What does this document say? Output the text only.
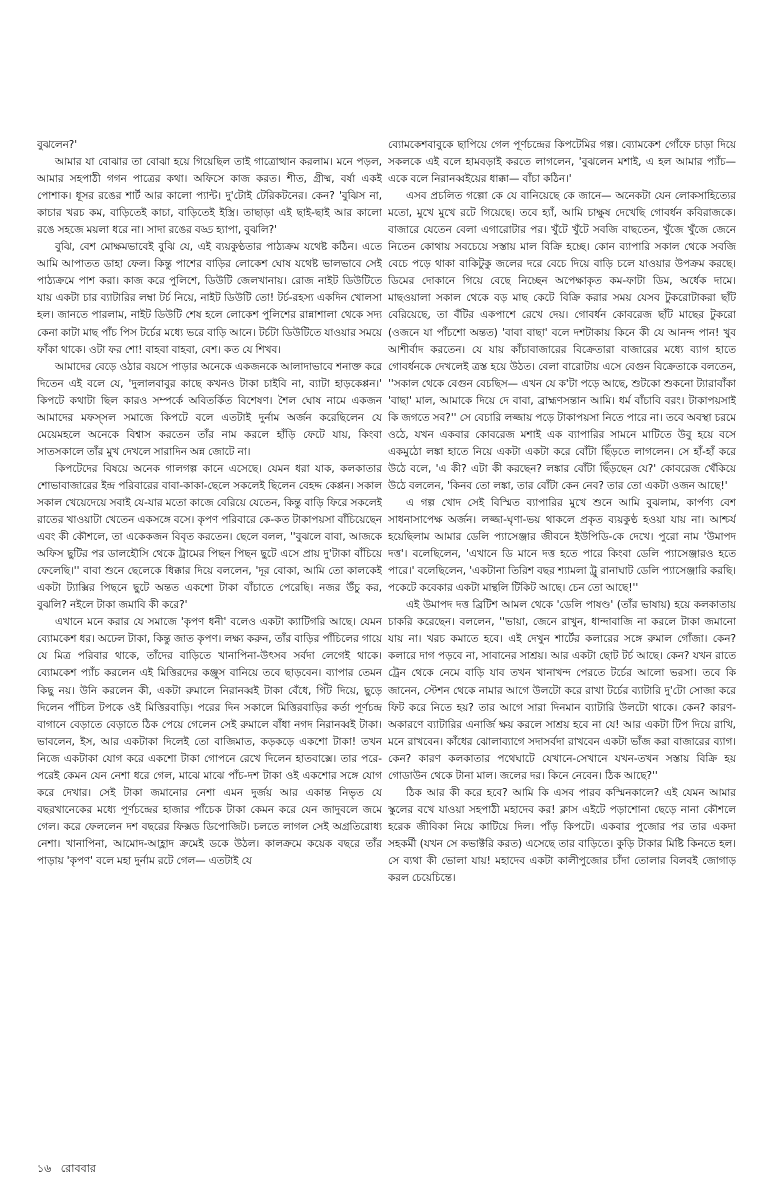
বুঝলেন?'

আমার যা বোঝার তা বোঝা হয়ে গিয়েছিল তাই গাত্রোত্থান করলাম। মনে পড়ল, আমার সহপাঠী গগন পাত্রের কথা। অফিসে কাজ করত। শীত, গ্রীষ্ম, বর্ষা একই পোশাক। ধূসর রঙের শার্ট আর কালো প্যান্ট। দু'টোই টেরিকটনের। কেন? 'বুঝিস না, কাচার খরচ কম, বাড়িতেই কাচা, বাড়িতেই ইস্ত্রি। তাছাড়া এই ছাই-ছাই আর কালো রঙে সহজে ময়লা ধরে না। সাদা রঙের বড্ড হ্যাপা, বুঝলি?'

বুঝি, বেশ মোক্ষমভাবেই বুঝি যে, এই ব্যয়কুণ্ঠতার পাঠ্যক্রম যথেষ্ট কঠিন। এতে আমি আপাতত ডাহা ফেল। কিন্তু পাশের বাড়ির লোকেশ ঘোষ যথেষ্ট ভালভাবে সেই পাঠ্যক্রমে পাশ করা। কাজ করে পুলিশে, ডিউটি জেলখানায়। রোজ নাইট ডিউটিতে যায় একটা চার ব্যাটারির লম্বা টর্চ নিয়ে, নাইট ডিউটি তো! টর্চ-রহস্য একদিন খোলসা হল। জানতে পারলাম, নাইট ডিউটি শেষ হলে লোকেশ পুলিশের রান্নাশালা থেকে সদ্য কেনা কাটা মাছ পাঁচ পিস টর্চের মধ্যে ভরে বাড়ি আনে। টর্চটা ডিউটিতে যাওয়ার সময়ে ফাঁকা থাকে। ওটা ফর শো! বাহবা বাহবা, বেশ। কত যে শিখব।

আমাদের বেড়ে ওঠার বয়সে পাড়ার অনেকে একজনকে আলাদাভাবে শনাক্ত করে দিতেন এই বলে যে, 'দুলালবাবুর কাছে কখনও টাকা চাইবি না, ব্যাটা হাড়কেপ্পন।' কিপটে কথাটা ছিল কারও সম্পর্কে অবিতর্কিত বিশেষণ। শৈল ঘোষ নামে একজন আমাদের মফস্সল সমাজে কিপটে বলে এতটাই দুর্নাম অর্জন করেছিলেন যে মেয়েমহলে অনেকে বিশ্বাস করতেন তাঁর নাম করলে হাঁড়ি ফেটে যায়, কিংবা সাতসকালে তাঁর মুখ দেখলে সারাদিন অন্ন জোটে না।

কিপটেদের বিষয়ে অনেক গালগল্প কানে এসেছে। যেমন ধরা যাক, কলকাতার শোভাবাজারের ইন্দ্র পরিবারের বাবা-কাকা-ছেলে সকলেই ছিলেন বেহদ্দ কেপ্পন। সকাল সকাল খেয়েদেয়ে সবাই যে-যার মতো কাজে বেরিয়ে যেতেন, কিন্তু বাড়ি ফিরে সকলেই রাতের খাওয়াটা খেতেন একসঙ্গে বসে। কৃপণ পরিবারে কে-কত টাকাপয়সা বাঁচিয়েছেন এবং কী কৌশলে, তা একেকজন বিবৃত করতেন। ছেলে বলল, ''বুঝলে বাবা, আজকে অফিস ছুটির পর ডালহৌসি থেকে ট্রামের পিছন পিছন ছুটে এসে প্রায় দু'টাকা বাঁচিয়ে ফেলেছি।'' বাবা শুনে ছেলেকে ধিক্কার দিয়ে বললেন, 'দূর বোকা, আমি তো কালকেই একটা ট্যাক্সির পিছনে ছুটে অন্তত একশো টাকা বাঁচাতে পেরেছি। নজর উঁচু কর, বুঝলি? নইলে টাকা জমাবি কী করে?'

এখানে মনে করার যে সমাজে 'কৃপণ ধনী' বলেও একটা ক্যাটিগরি আছে। যেমন ব্যোমকেশ ধর। অঢেল টাকা, কিন্তু জাত কৃপণ। লক্ষ্য করুন, তাঁর বাড়ির পাঁচিলের গায়ে যে মিত্র পরিবার থাকে, তাঁদের বাড়িতে খানাপিনা-উৎসব সর্বদা লেগেই থাকে। ব্যোমকেশ প্যাঁচ করলেন এই মিত্তিরদের কঞ্জুস বানিয়ে তবে ছাড়বেন। ব্যাপার তেমন কিছু নয়। উনি করলেন কী, একটা রুমালে নিরানব্বই টাকা বেঁধে, গিঁট দিয়ে, ছুড়ে দিলেন পাঁচিল টপকে ওই মিত্তিরবাড়ি। পরের দিন সকালে মিত্তিরবাড়ির কর্তা পূর্ণচন্দ্র বাগানে বেড়াতে বেড়াতে ঠিক পেয়ে গেলেন সেই রুমালে বাঁধা নগদ নিরানব্বই টাকা। ভাবলেন, ইস, আর একটাকা দিলেই তো বাজিমাত, কড়কড়ে একশো টাকা! তখন নিজে একটাকা যোগ করে একশো টাকা গোপনে রেখে দিলেন হাতবাক্সে। তার পরে-পরেই কেমন যেন নেশা ধরে গেল, মাঝে মাঝে পাঁচ-দশ টাকা ওই একশোর সঙ্গে যোগ করে দেখার। সেই টাকা জমানোর নেশা এমন দুর্জয় আর একান্ত নিভৃত যে বছরখানেকের মধ্যে পূর্ণচন্দ্রের হাজার পাঁচেক টাকা কেমন করে যেন জাদুবলে জমে গেল। করে ফেললেন দশ বছরের ফিক্সড ডিপোজিট। চলতে লাগল সেই অগ্রতিরোধ্য নেশা। খানাপিনা, আমোদ-আহ্লাদ ক্রমেই ডকে উঠল। কালক্রমে কয়েক বছরে তাঁর পাড়ায় 'কৃপণ' বলে মহা দুর্নাম রটে গেল— এতটাই যে

ব্যোমকেশবাবুকে ছাপিয়ে গেল পূর্ণচন্দ্রের কিপটেমির গল্প। ব্যোমকেশ গোঁফে চাড়া দিয়ে সকলকে এই বলে হামবড়াই করতে লাগলেন, 'বুঝলেন মশাই, এ হল আমার প্যাঁচ— একে বলে নিরানব্বইয়ের ধাক্কা— বাঁচা কঠিন।'

এসব প্রচলিত গল্পো কে যে বানিয়েছে কে জানে— অনেকটা যেন লোকসাহিত্যের মতো, মুখে মুখে রটে গিয়েছে। তবে হ্যাঁ, আমি চাক্ষুষ দেখেছি গোবর্ধন কবিরাজকে। বাজারে যেতেন বেলা এগারোটার পর। খুঁটে খুঁটে সবজি বাছতেন, খুঁজে খুঁজে জেনে নিতেন কোথায় সবচেয়ে সস্তায় মাল বিক্রি হচ্ছে। কোন ব্যাপারি সকাল থেকে সবজি বেচে পড়ে থাকা বাকিটুকু জলের দরে বেচে দিয়ে বাড়ি চলে যাওয়ার উপক্রম করছে। ডিমের দোকানে গিয়ে বেছে নিচ্ছেন অপেক্ষাকৃত কম-ফাটা ডিম, অর্ধেক দামে। মাছওয়ালা সকাল থেকে বড় মাছ কেটে বিক্রি করার সময় যেসব টুকরোটাকরা ছাঁট বেরিয়েছে, তা বঁটির একপাশে রেখে দেয়। গোবর্ধন কোবরেজ ছাঁট মাছের টুকরো (ওজনে যা পাঁচশো অন্তত) 'বাবা বাছা' বলে দশটাকায় কিনে কী যে আনন্দ পান! খুব আশীর্বাদ করতেন। যে যায় কাঁচাবাজারের বিক্রেতারা বাজারের মধ্যে ব্যাগ হাতে গোবর্ধনকে দেখলেই ত্রস্ত হয়ে উঠত। বেলা বারোটায় এসে বেগুন বিক্রেতাকে বলতেন, ''সকাল থেকে বেগুন বেচছিস— এখন যে ক'টা পড়ে আছে, শুটকো শুকনো ট্যারাবাঁকা 'বাছা' মাল, আমাকে দিয়ে দে বাবা, ব্রাহ্মণসন্তান আমি। ধর্ম বাঁচাবি বরং। টাকাপয়সাই কি জগতে সব?'' সে বেচারি লজ্জায় পড়ে টাকাপয়সা নিতে পারে না। তবে অবস্থা চরমে ওঠে, যখন একবার কোবরেজ মশাই এক ব্যাপারির সামনে মাটিতে উবু হয়ে বসে একমুঠো লঙ্কা হাতে নিয়ে একটা একটা করে বোঁটা ছিঁড়তে লাগলেন। সে হাঁ-হাঁ করে উঠে বলে, 'এ কী? এটা কী করছেন? লঙ্কার বোঁটা ছিঁড়ছেন যে?' কোবরেজ খেঁকিয়ে উঠে বললেন, 'কিনব তো লঙ্কা, তার বোঁটা কেন নেব? তার তো একটা ওজন আছে!'

এ গল্প খোদ সেই বিস্মিত ব্যাপারির মুখে শুনে আমি বুঝলাম, কার্পণ্য বেশ সাধনাসাপেক্ষ অর্জন। লজ্জা-ঘৃণা-ভয় থাকলে প্রকৃত ব্যয়কুণ্ঠ হওয়া যায় না। আশ্চর্য হয়েছিলাম আমার ডেলি প্যাসেঞ্জার জীবনে ইউপিডি-কে দেখে। পুরো নাম 'উমাপদ দত্ত'। বলেছিলেন, 'এখানে ডি মানে দত্ত হতে পারে কিংবা ডেলি প্যাসেঞ্জারও হতে পারে।' বলেছিলেন, 'একটানা তিরিশ বছর শ্যামলা ট্রু রানাঘাট ডেলি প্যাসেঞ্জারি করছি। পকেটে কবেকার একটা মান্থলি টিকিট আছে। চেন তো আছে!''

এই উমাপদ দত্ত ব্রিটিশ আমল থেকে 'ডেলি পাষণ্ড' (তাঁর ভাষায়) হয়ে কলকাতায় চাকরি করেছেন। বললেন, ''ভায়া, জেনে রাখুন, ধান্দাবাজি না করলে টাকা জমানো যায় না। খরচ কমাতে হবে। এই দেখুন শার্টের কলারের সঙ্গে রুমাল গোঁজা। কেন? কলারে দাগ পড়বে না, সাবানের সাশ্রয়। আর একটা ছোট টর্চ আছে। কেন? যখন রাতে ট্রেন থেকে নেমে বাড়ি যাব তখন খানাখন্দ পেরতে টর্চের আলো ভরসা। তবে কি জানেন, স্টেশন থেকে নামার আগে উলটো করে রাখা টর্চের ব্যাটারি দু'টো সোজা করে ফিট করে নিতে হয়? তার আগে সারা দিনমান ব্যাটারি উলটো থাকে। কেন? কারণ-অকারণে ব্যাটারির এনার্জি ক্ষয় করলে সাশ্রয় হবে না যে! আর একটা টিপ দিয়ে রাখি, মনে রাখবেন। কাঁধের ঝোলাব্যাগে সদাসর্বদা রাখবেন একটা ভাঁজ করা বাজারের ব্যাগ। কেন? কারণ কলকাতার পথেঘাটে যেখানে-সেখানে যখন-তখন সস্তায় বিক্রি হয় গোডাউন থেকে টানা মাল। জলের দর। কিনে নেবেন। ঠিক আছে?''

ঠিক আর কী করে হবে? আমি কি এসব পারব কস্মিনকালে? এই যেমন আমার স্কুলের বখে যাওয়া সহপাঠী মহাদেব কর! ক্লাস এইটে পড়াশোনা ছেড়ে নানা কৌশলে হরেক জীবিকা নিয়ে কাটিয়ে দিল। পাঁড় কিপটে। একবার পুজোর পর তার একদা সহকর্মী (যখন সে কভাক্টরি করত) এসেছে তার বাড়িতে। কুড়ি টাকার মিষ্টি কিনতে হল। সে ব্যথা কী ভোলা যায়! মহাদেব একটা কালীপুজোর চাঁদা তোলার বিলবই জোগাড় করল চেয়েচিন্তে।

১৬ রোববার
